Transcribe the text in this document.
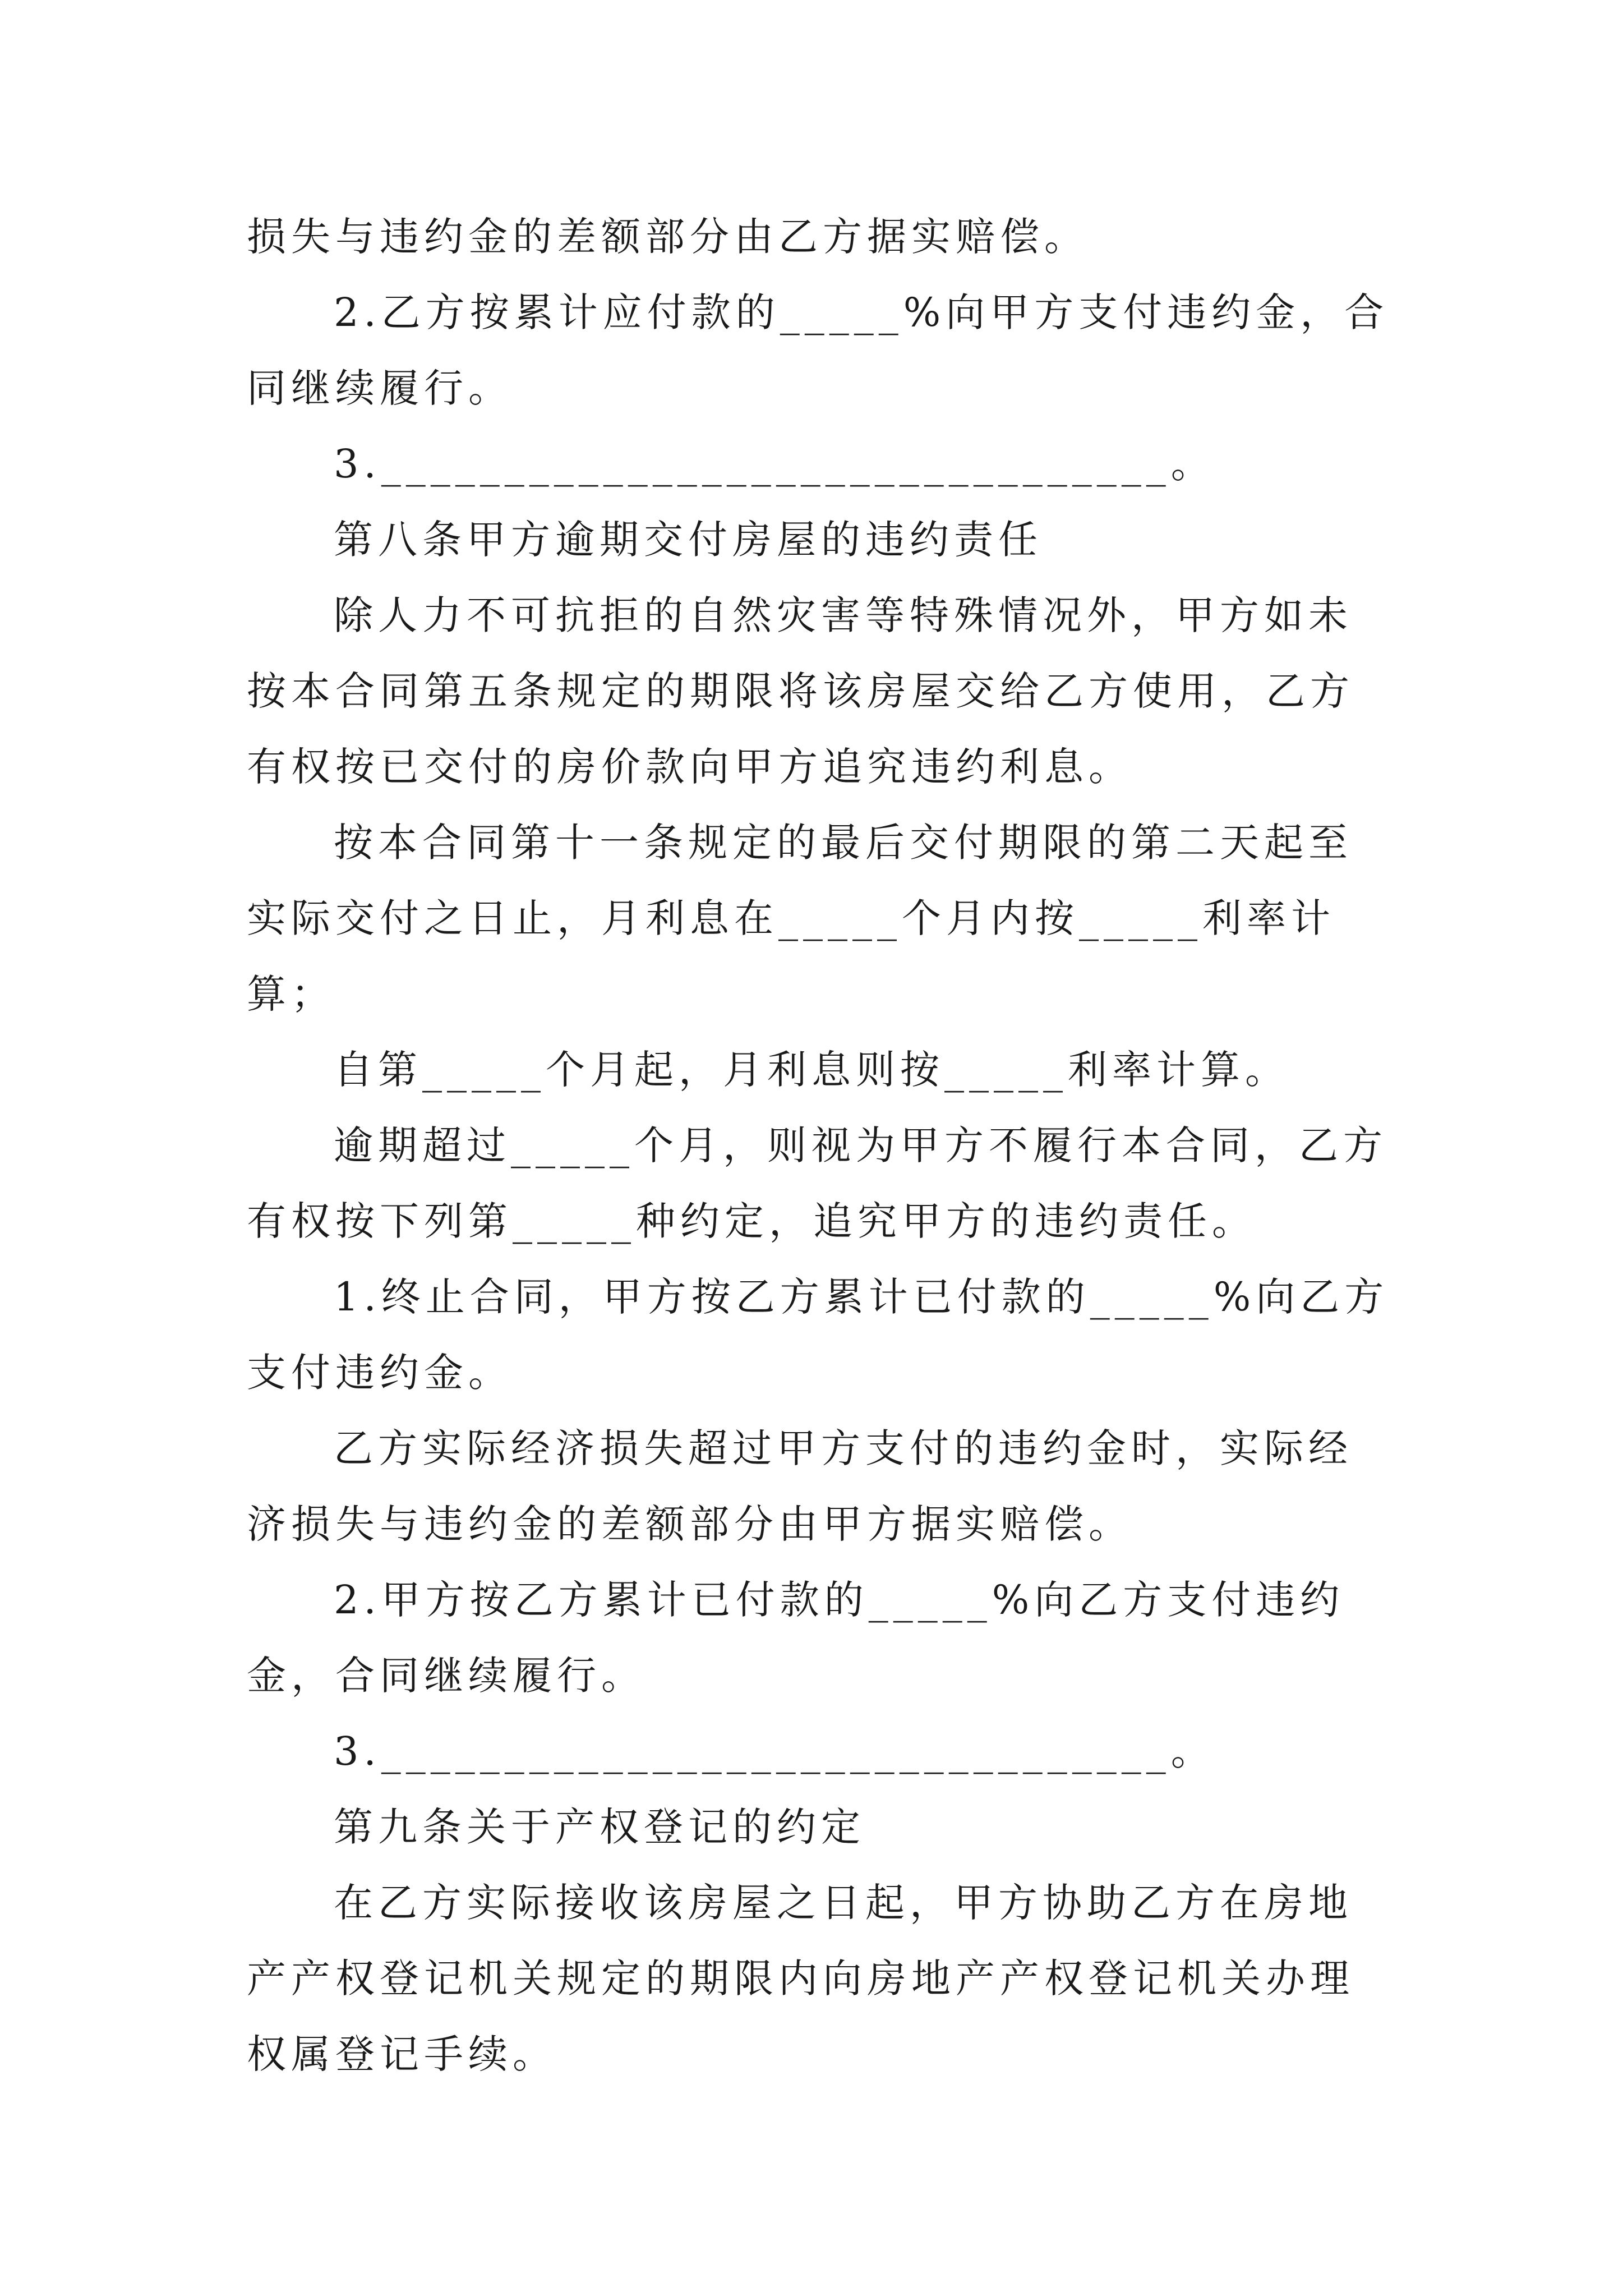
损失与违约金的差额部分由乙方据实赔偿。

2.乙方按累计应付款的_____%向甲方支付违约金，合同继续履行。

3.________________________________。

第八条甲方逾期交付房屋的违约责任

除人力不可抗拒的自然灾害等特殊情况外，甲方如未按本合同第五条规定的期限将该房屋交给乙方使用，乙方有权按已交付的房价款向甲方追究违约利息。

按本合同第十一条规定的最后交付期限的第二天起至实际交付之日止，月利息在_____个月内按_____利率计算；

自第_____个月起，月利息则按_____利率计算。

逾期超过_____个月，则视为甲方不履行本合同，乙方有权按下列第_____种约定，追究甲方的违约责任。

1.终止合同，甲方按乙方累计已付款的_____%向乙方支付违约金。

乙方实际经济损失超过甲方支付的违约金时，实际经济损失与违约金的差额部分由甲方据实赔偿。

2.甲方按乙方累计已付款的_____%向乙方支付违约金，合同继续履行。

3.________________________________。

第九条关于产权登记的约定

在乙方实际接收该房屋之日起，甲方协助乙方在房地产产权登记机关规定的期限内向房地产产权登记机关办理权属登记手续。
